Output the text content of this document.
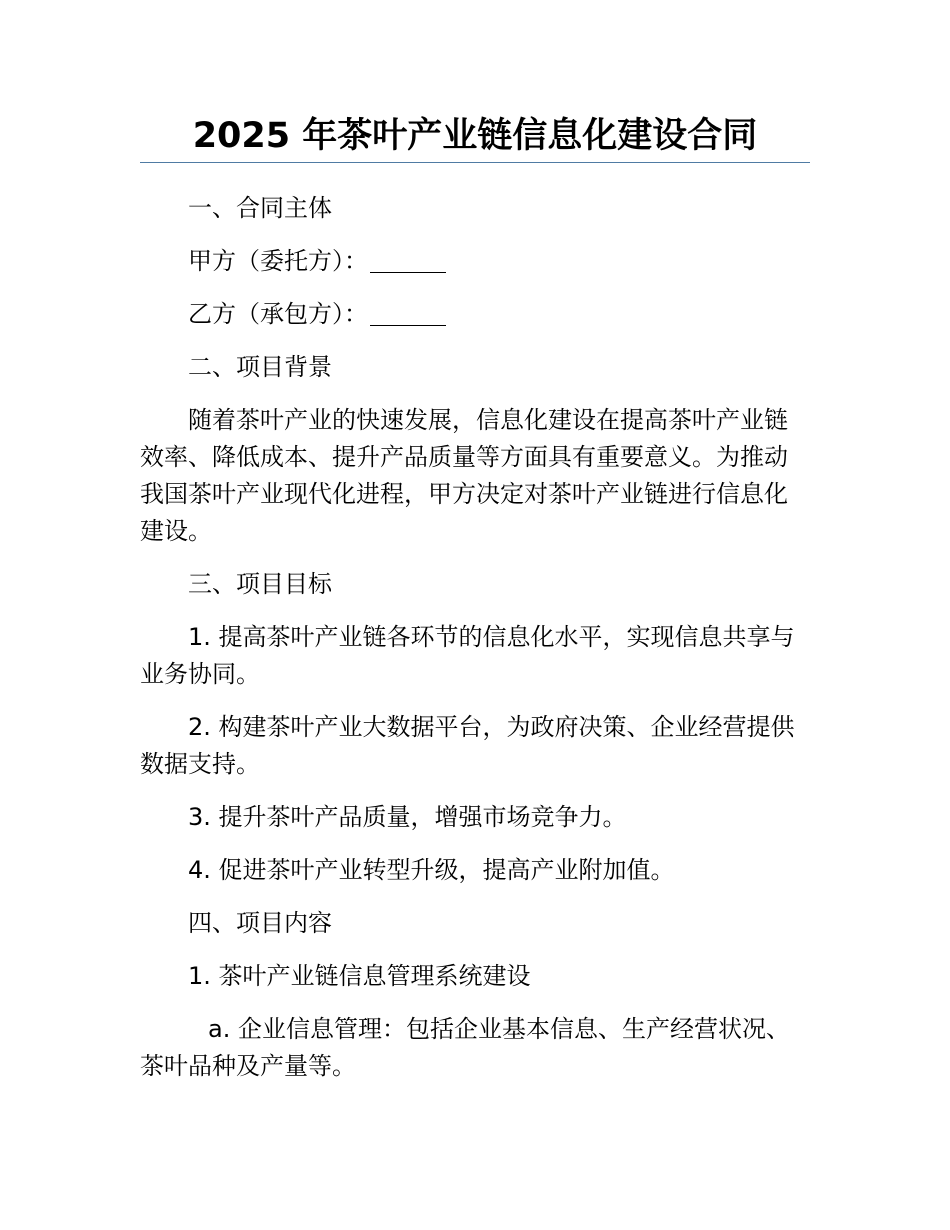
2025 年茶叶产业链信息化建设合同

一、合同主体

甲方（委托方）：

乙方（承包方）：

二、项目背景

随着茶叶产业的快速发展，信息化建设在提高茶叶产业链效率、降低成本、提升产品质量等方面具有重要意义。为推动我国茶叶产业现代化进程，甲方决定对茶叶产业链进行信息化建设。

三、项目目标

1. 提高茶叶产业链各环节的信息化水平，实现信息共享与业务协同。

2. 构建茶叶产业大数据平台，为政府决策、企业经营提供数据支持。

3. 提升茶叶产品质量，增强市场竞争力。

4. 促进茶叶产业转型升级，提高产业附加值。

四、项目内容

1. 茶叶产业链信息管理系统建设

a. 企业信息管理：包括企业基本信息、生产经营状况、茶叶品种及产量等。
